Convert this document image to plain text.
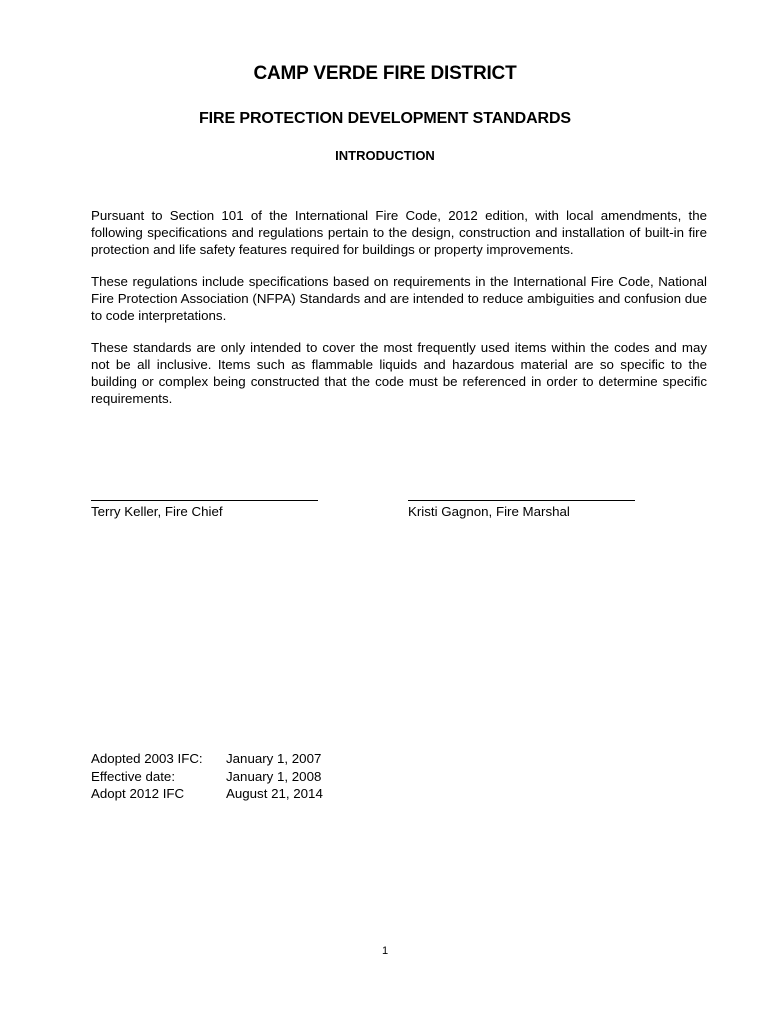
CAMP VERDE FIRE DISTRICT
FIRE PROTECTION DEVELOPMENT STANDARDS
INTRODUCTION

Pursuant to Section 101 of the International Fire Code, 2012 edition, with local amendments, the following specifications and regulations pertain to the design, construction and installation of built-in fire protection and life safety features required for buildings or property improvements.

These regulations include specifications based on requirements in the International Fire Code, National Fire Protection Association (NFPA) Standards and are intended to reduce ambiguities and confusion due to code interpretations.

These standards are only intended to cover the most frequently used items within the codes and may not be all inclusive. Items such as flammable liquids and hazardous material are so specific to the building or complex being constructed that the code must be referenced in order to determine specific requirements.

Terry Keller, Fire Chief	Kristi Gagnon, Fire Marshal
Adopted 2003 IFC:	January 1, 2007
Effective date:	January 1, 2008
Adopt 2012 IFC	August 21, 2014
1
